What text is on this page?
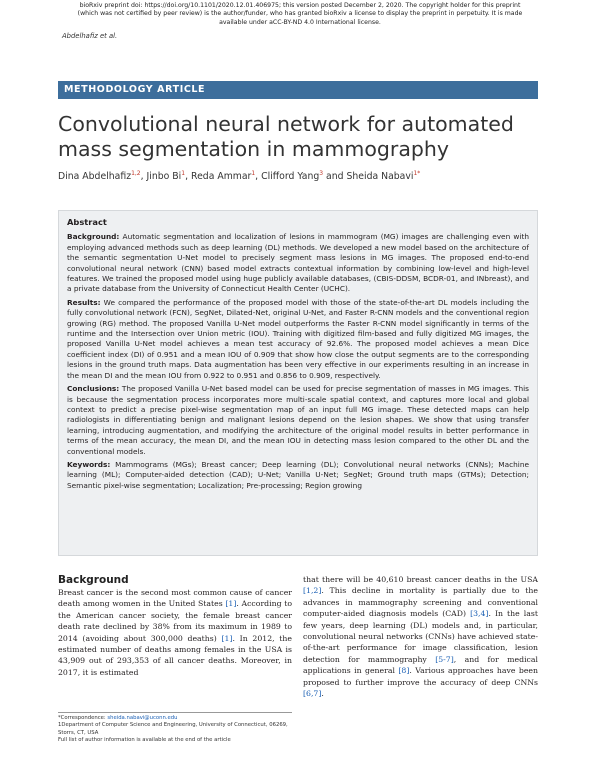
bioRxiv preprint doi: https://doi.org/10.1101/2020.12.01.406975; this version posted December 2, 2020. The copyright holder for this preprint
(which was not certified by peer review) is the author/funder, who has granted bioRxiv a license to display the preprint in perpetuity. It is made
available under aCC-BY-ND 4.0 International license.
Abdelhafiz et al.
METHODOLOGY ARTICLE
Convolutional neural network for automated mass segmentation in mammography
Dina Abdelhafiz$^{1,2}$, Jinbo Bi$^1$, Reda Ammar$^1$, Clifford Yang$^3$ and Sheida Nabavi$^{1*}$
Abstract

Background: Automatic segmentation and localization of lesions in mammogram (MG) images are challenging even with employing advanced methods such as deep learning (DL) methods. We developed a new model based on the architecture of the semantic segmentation U-Net model to precisely segment mass lesions in MG images. The proposed end-to-end convolutional neural network (CNN) based model extracts contextual information by combining low-level and high-level features. We trained the proposed model using huge publicly available databases, (CBIS-DDSM, BCDR-01, and INbreast), and a private database from the University of Connecticut Health Center (UCHC).

Results: We compared the performance of the proposed model with those of the state-of-the-art DL models including the fully convolutional network (FCN), SegNet, Dilated-Net, original U-Net, and Faster R-CNN models and the conventional region growing (RG) method. The proposed Vanilla U-Net model outperforms the Faster R-CNN model significantly in terms of the runtime and the Intersection over Union metric (IOU). Training with digitized film-based and fully digitized MG images, the proposed Vanilla U-Net model achieves a mean test accuracy of 92.6%. The proposed model achieves a mean Dice coefficient index (DI) of 0.951 and a mean IOU of 0.909 that show how close the output segments are to the corresponding lesions in the ground truth maps. Data augmentation has been very effective in our experiments resulting in an increase in the mean DI and the mean IOU from 0.922 to 0.951 and 0.856 to 0.909, respectively.

Conclusions: The proposed Vanilla U-Net based model can be used for precise segmentation of masses in MG images. This is because the segmentation process incorporates more multi-scale spatial context, and captures more local and global context to predict a precise pixel-wise segmentation map of an input full MG image. These detected maps can help radiologists in differentiating benign and malignant lesions depend on the lesion shapes. We show that using transfer learning, introducing augmentation, and modifying the architecture of the original model results in better performance in terms of the mean accuracy, the mean DI, and the mean IOU in detecting mass lesion compared to the other DL and the conventional models.

Keywords: Mammograms (MGs); Breast cancer; Deep learning (DL); Convolutional neural networks (CNNs); Machine learning (ML); Computer-aided detection (CAD); U-Net; Vanilla U-Net; SegNet; Ground truth maps (GTMs); Detection; Semantic pixel-wise segmentation; Localization; Pre-processing; Region growing

Background

Breast cancer is the second most common cause of cancer death among women in the United States [1]. According to the American cancer society, the female breast cancer death rate declined by 38% from its maximum in 1989 to 2014 (avoiding about 300,000 deaths) [1]. In 2012, the estimated number of deaths among females in the USA is 43,909 out of 293,353 of all cancer deaths. Moreover, in 2017, it is estimated

that there will be 40,610 breast cancer deaths in the USA [1,2]. This decline in mortality is partially due to the advances in mammography screening and conventional computer-aided diagnosis models (CAD) [3,4]. In the last few years, deep learning (DL) models and, in particular, convolutional neural networks (CNNs) have achieved state-of-the-art performance for image classification, lesion detection for mammography [5-7], and for medical applications in general [8]. Various approaches have been proposed to further improve the accuracy of deep CNNs [6,7].

*Correspondence: sheida.nabavi@uconn.edu
1Department of Computer Science and Engineering, University of Connecticut, 06269, Storrs, CT, USA
Full list of author information is available at the end of the article
